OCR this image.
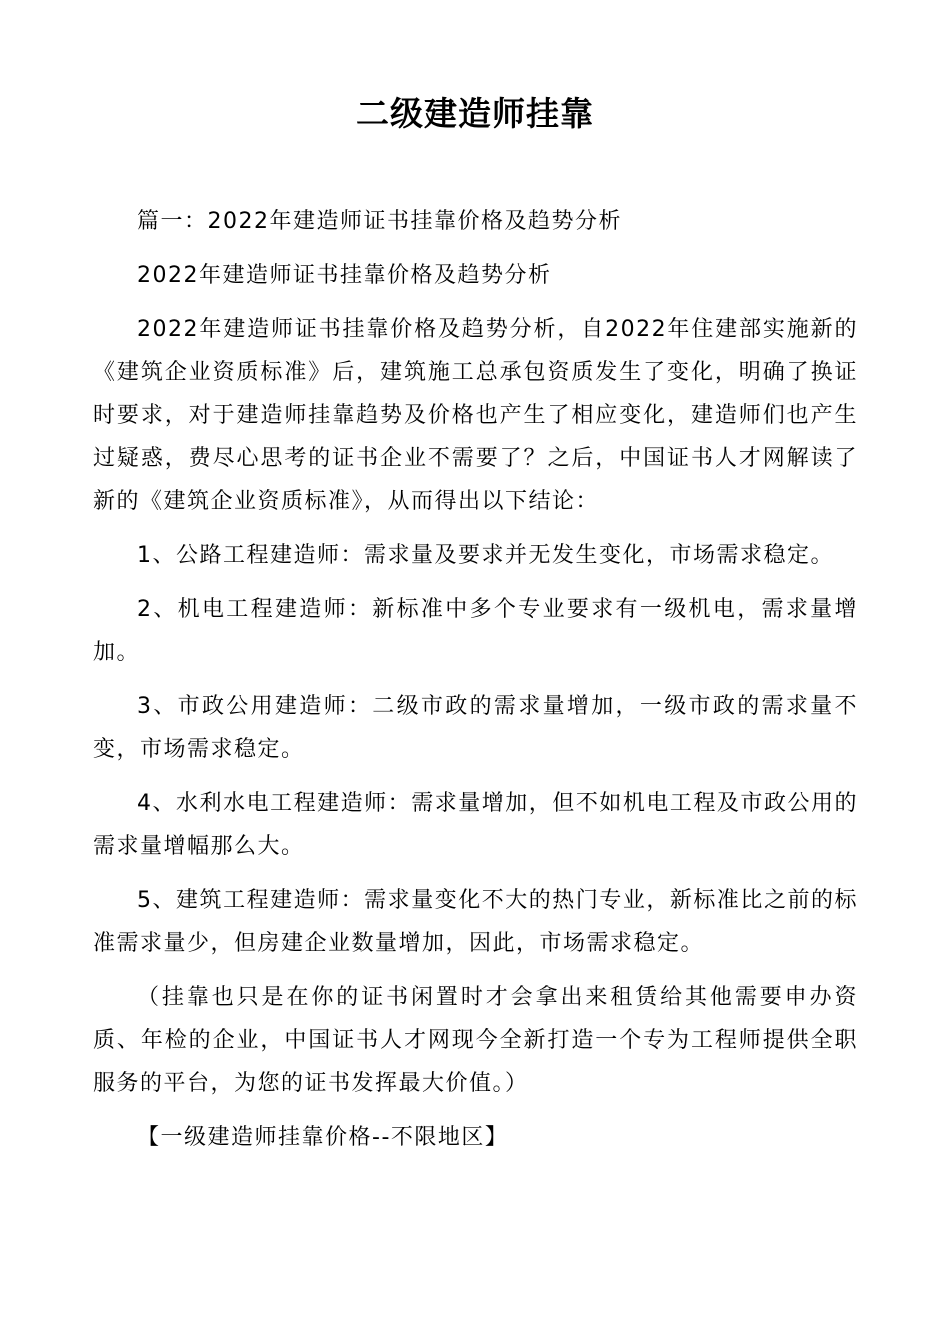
二级建造师挂靠

篇一：2022年建造师证书挂靠价格及趋势分析

2022年建造师证书挂靠价格及趋势分析

2022年建造师证书挂靠价格及趋势分析，自2022年住建部实施新的《建筑企业资质标准》后，建筑施工总承包资质发生了变化，明确了换证时要求，对于建造师挂靠趋势及价格也产生了相应变化，建造师们也产生过疑惑，费尽心思考的证书企业不需要了？之后，中国证书人才网解读了新的《建筑企业资质标准》，从而得出以下结论：

1、公路工程建造师：需求量及要求并无发生变化，市场需求稳定。

2、机电工程建造师：新标准中多个专业要求有一级机电，需求量增加。

3、市政公用建造师：二级市政的需求量增加，一级市政的需求量不变，市场需求稳定。

4、水利水电工程建造师：需求量增加，但不如机电工程及市政公用的需求量增幅那么大。

5、建筑工程建造师：需求量变化不大的热门专业，新标准比之前的标准需求量少，但房建企业数量增加，因此，市场需求稳定。

（挂靠也只是在你的证书闲置时才会拿出来租赁给其他需要申办资质、年检的企业，中国证书人才网现今全新打造一个专为工程师提供全职服务的平台，为您的证书发挥最大价值。）

【一级建造师挂靠价格--不限地区】
